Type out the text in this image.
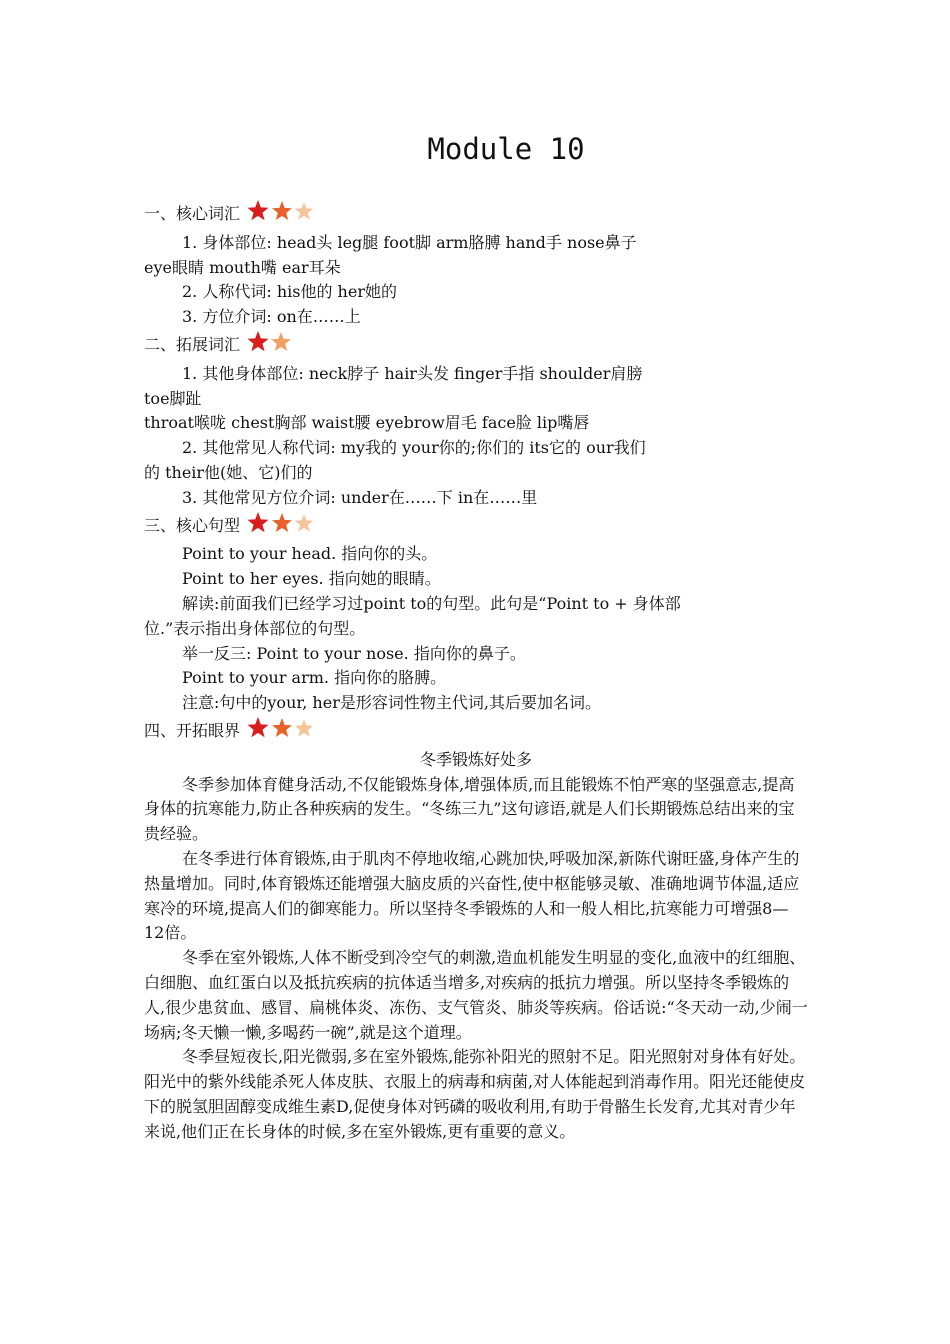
Module 10

一、核心词汇

1. 身体部位: head头 leg腿 foot脚 arm胳膊 hand手 nose鼻子

eye眼睛 mouth嘴 ear耳朵

2. 人称代词: his他的 her她的

3. 方位介词: on在……上

二、拓展词汇

1. 其他身体部位: neck脖子 hair头发 finger手指 shoulder肩膀

toe脚趾

throat喉咙 chest胸部 waist腰 eyebrow眉毛 face脸 lip嘴唇

2. 其他常见人称代词: my我的 your你的;你们的 its它的 our我们

的 their他(她、它)们的

3. 其他常见方位介词: under在……下 in在……里

三、核心句型

Point to your head. 指向你的头。

Point to her eyes. 指向她的眼睛。

解读:前面我们已经学习过point to的句型。此句是“Point to + 身体部

位.”表示指出身体部位的句型。

举一反三: Point to your nose. 指向你的鼻子。

Point to your arm. 指向你的胳膊。

注意:句中的your, her是形容词性物主代词,其后要加名词。

四、开拓眼界

冬季锻炼好处多

冬季参加体育健身活动,不仅能锻炼身体,增强体质,而且能锻炼不怕严寒的坚强意志,提高身体的抗寒能力,防止各种疾病的发生。“冬练三九”这句谚语,就是人们长期锻炼总结出来的宝贵经验。

在冬季进行体育锻炼,由于肌肉不停地收缩,心跳加快,呼吸加深,新陈代谢旺盛,身体产生的热量增加。同时,体育锻炼还能增强大脑皮质的兴奋性,使中枢能够灵敏、准确地调节体温,适应寒冷的环境,提高人们的御寒能力。所以坚持冬季锻炼的人和一般人相比,抗寒能力可增强8—12倍。

冬季在室外锻炼,人体不断受到冷空气的刺激,造血机能发生明显的变化,血液中的红细胞、白细胞、血红蛋白以及抵抗疾病的抗体适当增多,对疾病的抵抗力增强。所以坚持冬季锻炼的人,很少患贫血、感冒、扁桃体炎、冻伤、支气管炎、肺炎等疾病。俗话说:“冬天动一动,少闹一场病;冬天懒一懒,多喝药一碗”,就是这个道理。

冬季昼短夜长,阳光微弱,多在室外锻炼,能弥补阳光的照射不足。阳光照射对身体有好处。阳光中的紫外线能杀死人体皮肤、衣服上的病毒和病菌,对人体能起到消毒作用。阳光还能使皮下的脱氢胆固醇变成维生素D,促使身体对钙磷的吸收利用,有助于骨骼生长发育,尤其对青少年来说,他们正在长身体的时候,多在室外锻炼,更有重要的意义。
